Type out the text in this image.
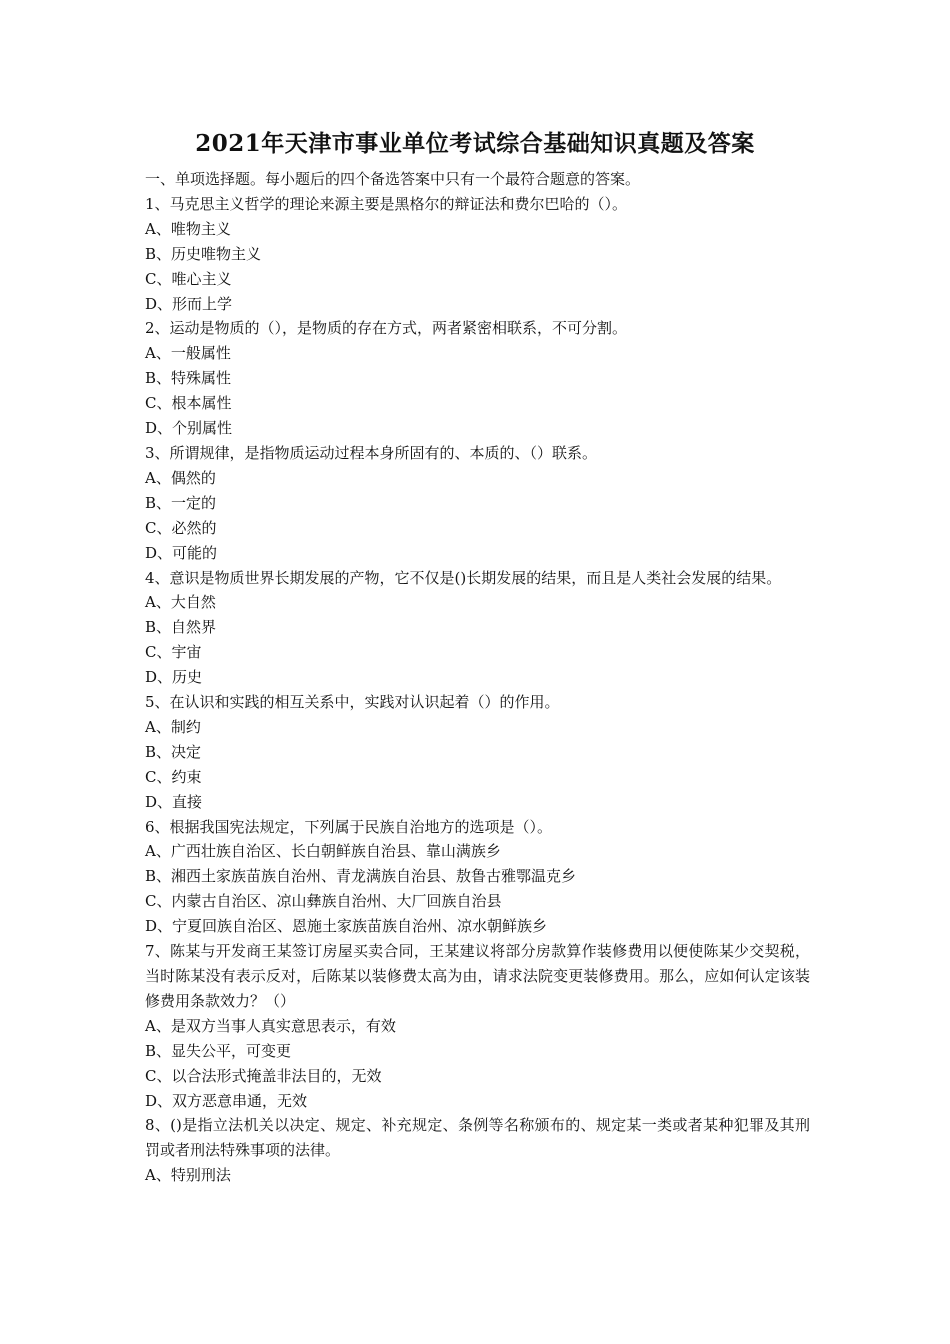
2021年天津市事业单位考试综合基础知识真题及答案
一、单项选择题。每小题后的四个备选答案中只有一个最符合题意的答案。
1、马克思主义哲学的理论来源主要是黑格尔的辩证法和费尔巴哈的（）。
A、唯物主义
B、历史唯物主义
C、唯心主义
D、形而上学
2、运动是物质的（），是物质的存在方式，两者紧密相联系，不可分割。
A、一般属性
B、特殊属性
C、根本属性
D、个别属性
3、所谓规律，是指物质运动过程本身所固有的、本质的、（）联系。
A、偶然的
B、一定的
C、必然的
D、可能的
4、意识是物质世界长期发展的产物，它不仅是()长期发展的结果，而且是人类社会发展的结果。
A、大自然
B、自然界
C、宇宙
D、历史
5、在认识和实践的相互关系中，实践对认识起着（）的作用。
A、制约
B、决定
C、约束
D、直接
6、根据我国宪法规定，下列属于民族自治地方的选项是（）。
A、广西壮族自治区、长白朝鲜族自治县、靠山满族乡
B、湘西土家族苗族自治州、青龙满族自治县、敖鲁古雅鄂温克乡
C、内蒙古自治区、凉山彝族自治州、大厂回族自治县
D、宁夏回族自治区、恩施土家族苗族自治州、凉水朝鲜族乡
7、陈某与开发商王某签订房屋买卖合同，王某建议将部分房款算作装修费用以便使陈某少交契税，当时陈某没有表示反对，后陈某以装修费太高为由，请求法院变更装修费用。那么，应如何认定该装修费用条款效力？（）
A、是双方当事人真实意思表示，有效
B、显失公平，可变更
C、以合法形式掩盖非法目的，无效
D、双方恶意串通，无效
8、()是指立法机关以决定、规定、补充规定、条例等名称颁布的、规定某一类或者某种犯罪及其刑罚或者刑法特殊事项的法律。
A、特别刑法
